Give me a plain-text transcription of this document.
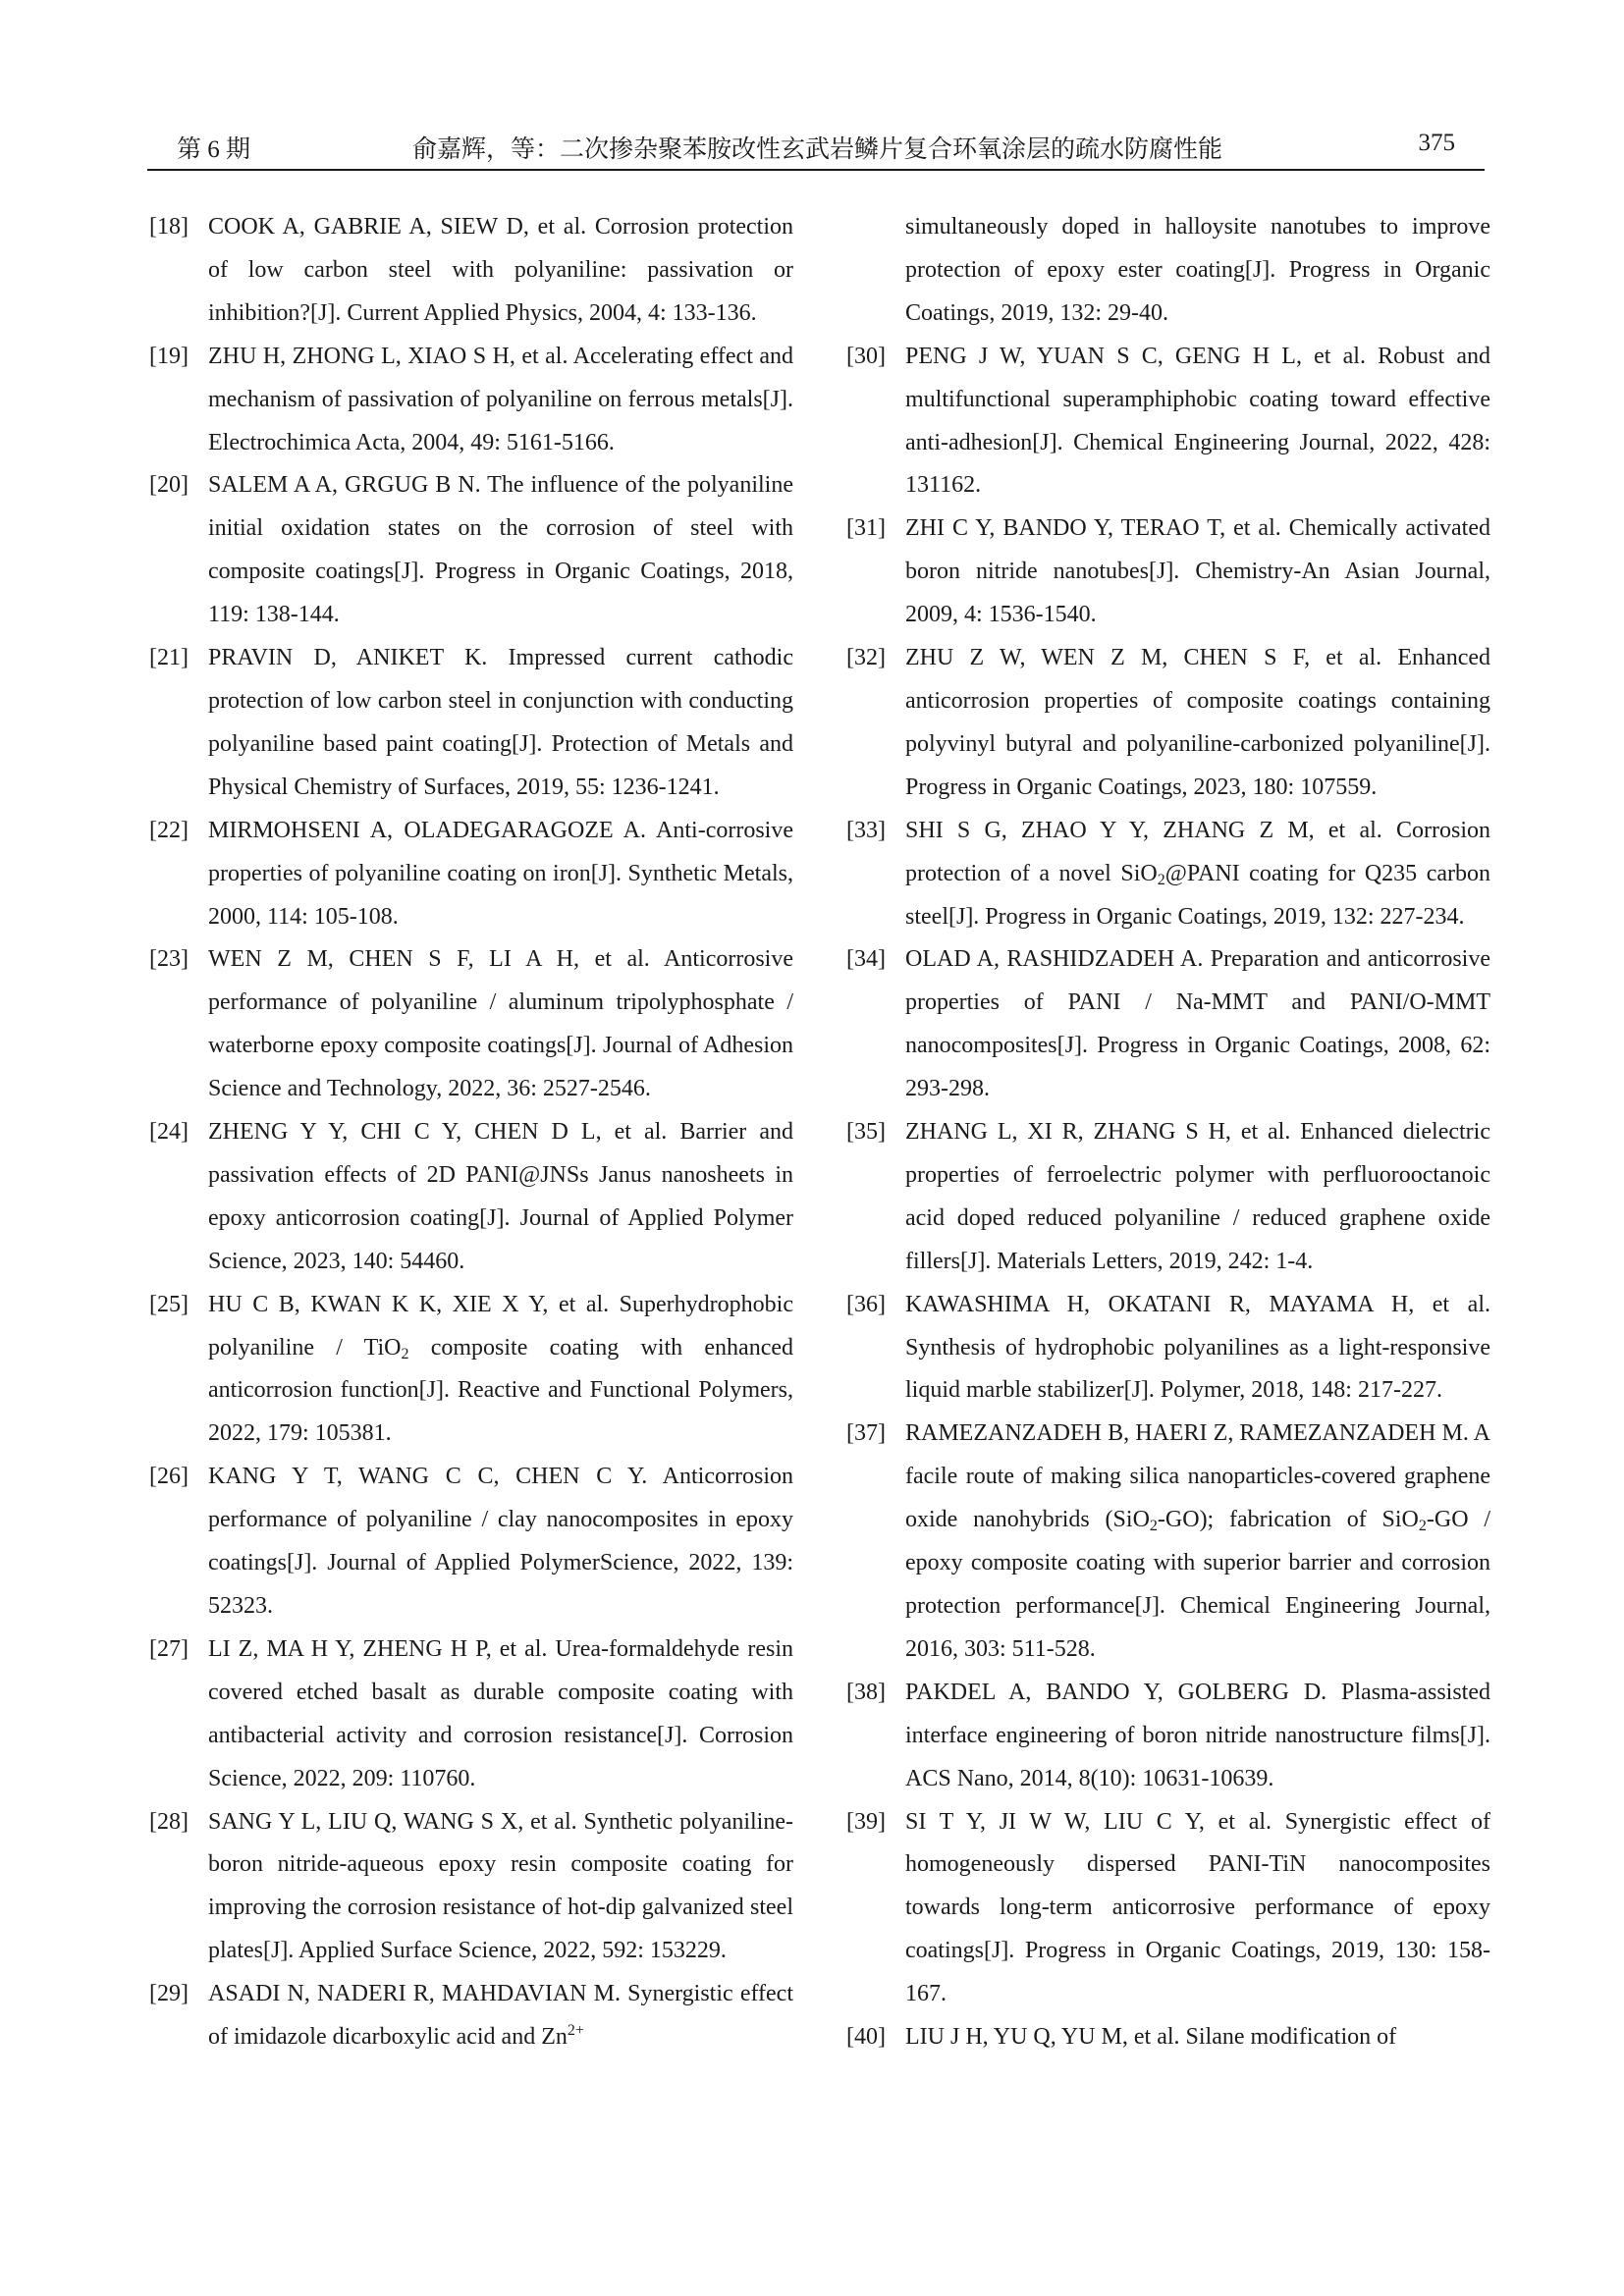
第 6 期	俞嘉辉，等：二次掺杂聚苯胺改性玄武岩鳞片复合环氧涂层的疏水防腐性能	375

[18] COOK A, GABRIE A, SIEW D, et al. Corrosion protection of low carbon steel with polyaniline: passivation or inhibition?[J]. Current Applied Physics, 2004, 4: 133-136.

[19] ZHU H, ZHONG L, XIAO S H, et al. Accelerating effect and mechanism of passivation of polyaniline on ferrous metals[J]. Electrochimica Acta, 2004, 49: 5161-5166.

[20] SALEM A A, GRGUG B N. The influence of the polyaniline initial oxidation states on the corrosion of steel with composite coatings[J]. Progress in Organic Coatings, 2018, 119: 138-144.

[21] PRAVIN D, ANIKET K. Impressed current cathodic protection of low carbon steel in conjunction with conducting polyaniline based paint coating[J]. Protection of Metals and Physical Chemistry of Surfaces, 2019, 55: 1236-1241.

[22] MIRMOHSENI A, OLADEGARAGOZE A. Anti-corrosive properties of polyaniline coating on iron[J]. Synthetic Metals, 2000, 114: 105-108.

[23] WEN Z M, CHEN S F, LI A H, et al. Anticorrosive performance of polyaniline / aluminum tripolyphosphate / waterborne epoxy composite coatings[J]. Journal of Adhesion Science and Technology, 2022, 36: 2527-2546.

[24] ZHENG Y Y, CHI C Y, CHEN D L, et al. Barrier and passivation effects of 2D PANI@JNSs Janus nanosheets in epoxy anticorrosion coating[J]. Journal of Applied Polymer Science, 2023, 140: 54460.

[25] HU C B, KWAN K K, XIE X Y, et al. Superhydrophobic polyaniline / TiO$_2$ composite coating with enhanced anticorrosion function[J]. Reactive and Functional Polymers, 2022, 179: 105381.

[26] KANG Y T, WANG C C, CHEN C Y. Anticorrosion performance of polyaniline / clay nanocomposites in epoxy coatings[J]. Journal of Applied PolymerScience, 2022, 139: 52323.

[27] LI Z, MA H Y, ZHENG H P, et al. Urea-formaldehyde resin covered etched basalt as durable composite coating with antibacterial activity and corrosion resistance[J]. Corrosion Science, 2022, 209: 110760.

[28] SANG Y L, LIU Q, WANG S X, et al. Synthetic polyaniline-boron nitride-aqueous epoxy resin composite coating for improving the corrosion resistance of hot-dip galvanized steel plates[J]. Applied Surface Science, 2022, 592: 153229.

[29] ASADI N, NADERI R, MAHDAVIAN M. Synergistic effect of imidazole dicarboxylic acid and $Zn^{2+}$

simultaneously doped in halloysite nanotubes to improve protection of epoxy ester coating[J]. Progress in Organic Coatings, 2019, 132: 29-40.

[30] PENG J W, YUAN S C, GENG H L, et al. Robust and multifunctional superamphiphobic coating toward effective anti-adhesion[J]. Chemical Engineering Journal, 2022, 428: 131162.

[31] ZHI C Y, BANDO Y, TERAO T, et al. Chemically activated boron nitride nanotubes[J]. Chemistry-An Asian Journal, 2009, 4: 1536-1540.

[32] ZHU Z W, WEN Z M, CHEN S F, et al. Enhanced anticorrosion properties of composite coatings containing polyvinyl butyral and polyaniline-carbonized polyaniline[J]. Progress in Organic Coatings, 2023, 180: 107559.

[33] SHI S G, ZHAO Y Y, ZHANG Z M, et al. Corrosion protection of a novel SiO$_2$@PANI coating for Q235 carbon steel[J]. Progress in Organic Coatings, 2019, 132: 227-234.

[34] OLAD A, RASHIDZADEH A. Preparation and anticorrosive properties of PANI / Na-MMT and PANI/O-MMT nanocomposites[J]. Progress in Organic Coatings, 2008, 62: 293-298.

[35] ZHANG L, XI R, ZHANG S H, et al. Enhanced dielectric properties of ferroelectric polymer with perfluorooctanoic acid doped reduced polyaniline / reduced graphene oxide fillers[J]. Materials Letters, 2019, 242: 1-4.

[36] KAWASHIMA H, OKATANI R, MAYAMA H, et al. Synthesis of hydrophobic polyanilines as a light-responsive liquid marble stabilizer[J]. Polymer, 2018, 148: 217-227.

[37] RAMEZANZADEH B, HAERI Z, RAMEZANZADEH M. A facile route of making silica nanoparticles-covered graphene oxide nanohybrids (SiO$_2$-GO); fabrication of SiO$_2$-GO / epoxy composite coating with superior barrier and corrosion protection performance[J]. Chemical Engineering Journal, 2016, 303: 511-528.

[38] PAKDEL A, BANDO Y, GOLBERG D. Plasma-assisted interface engineering of boron nitride nanostructure films[J]. ACS Nano, 2014, 8(10): 10631-10639.

[39] SI T Y, JI W W, LIU C Y, et al. Synergistic effect of homogeneously dispersed PANI-TiN nanocomposites towards long-term anticorrosive performance of epoxy coatings[J]. Progress in Organic Coatings, 2019, 130: 158-167.

[40] LIU J H, YU Q, YU M, et al. Silane modification of
